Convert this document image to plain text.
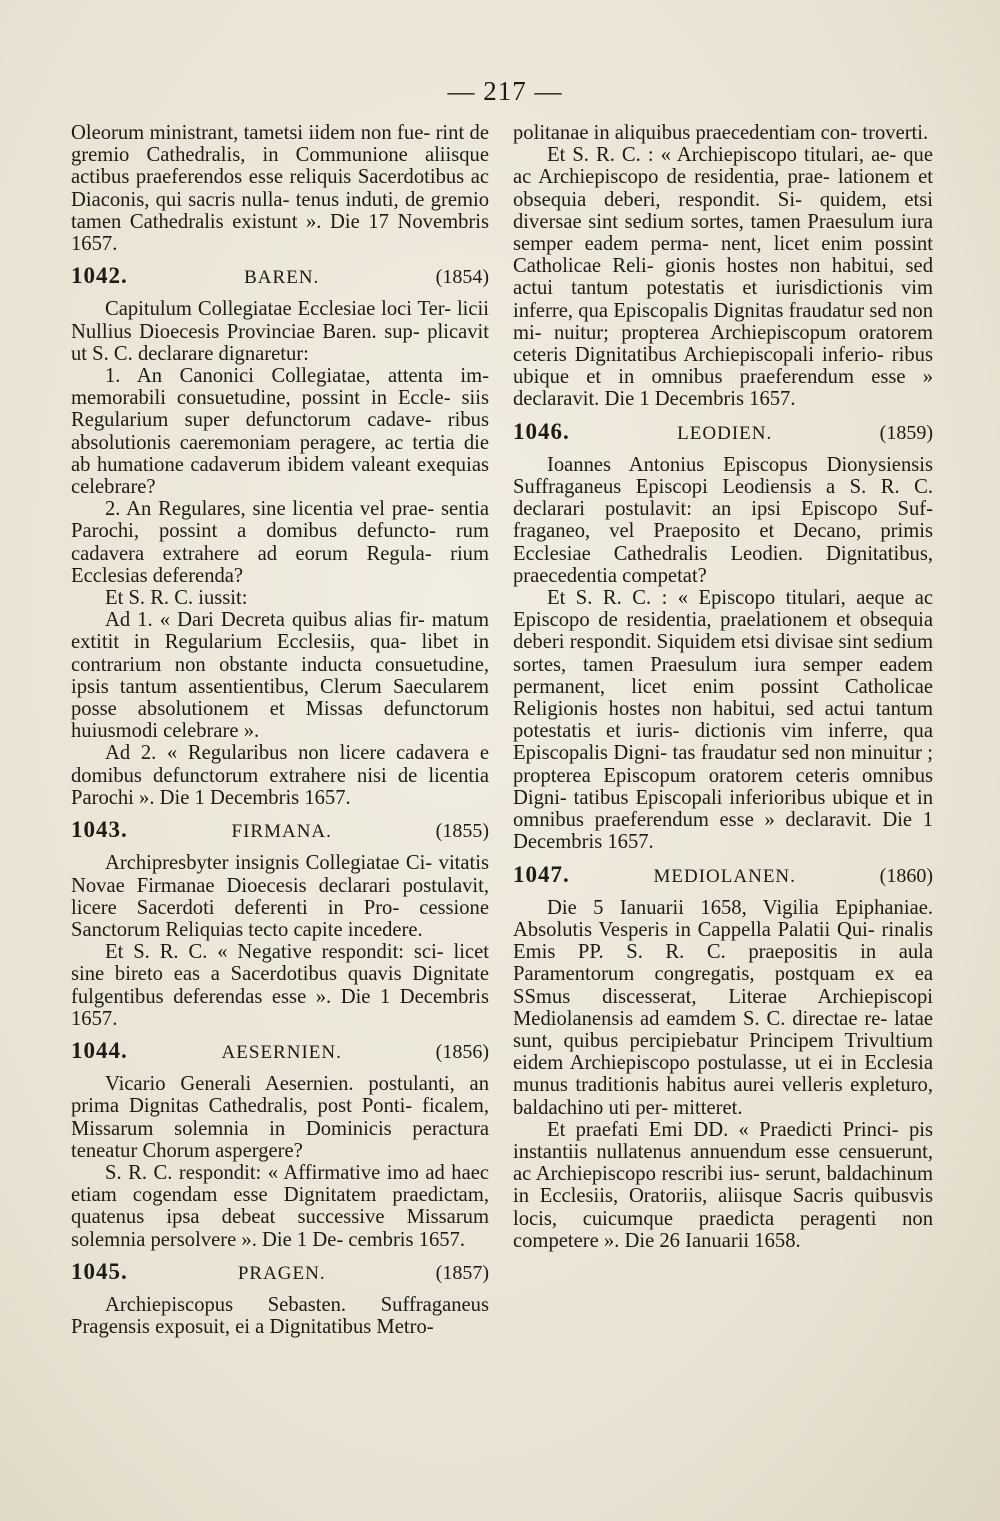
— 217 —

Oleorum ministrant, tametsi iidem non fue- rint de gremio Cathedralis, in Communione aliisque actibus praeferendos esse reliquis Sacerdotibus ac Diaconis, qui sacris nulla- tenus induti, de gremio tamen Cathedralis existunt ». Die 17 Novembris 1657.

1042.	BAREN.	(1854)

Capitulum Collegiatae Ecclesiae loci Ter- licii Nullius Dioecesis Provinciae Baren. sup- plicavit ut S. C. declarare dignaretur:

1. An Canonici Collegiatae, attenta im- memorabili consuetudine, possint in Eccle- siis Regularium super defunctorum cadave- ribus absolutionis caeremoniam peragere, ac tertia die ab humatione cadaverum ibidem valeant exequias celebrare?

2. An Regulares, sine licentia vel prae- sentia Parochi, possint a domibus defuncto- rum cadavera extrahere ad eorum Regula- rium Ecclesias deferenda?

Et S. R. C. iussit:

Ad 1. « Dari Decreta quibus alias fir- matum extitit in Regularium Ecclesiis, qua- libet in contrarium non obstante inducta consuetudine, ipsis tantum assentientibus, Clerum Saecularem posse absolutionem et Missas defunctorum huiusmodi celebrare ».

Ad 2. « Regularibus non licere cadavera e domibus defunctorum extrahere nisi de licentia Parochi ». Die 1 Decembris 1657.

1043.	FIRMANA.	(1855)

Archipresbyter insignis Collegiatae Ci- vitatis Novae Firmanae Dioecesis declarari postulavit, licere Sacerdoti deferenti in Pro- cessione Sanctorum Reliquias tecto capite incedere.

Et S. R. C. « Negative respondit: sci- licet sine bireto eas a Sacerdotibus quavis Dignitate fulgentibus deferendas esse ». Die 1 Decembris 1657.

1044.	AESERNIEN.	(1856)

Vicario Generali Aesernien. postulanti, an prima Dignitas Cathedralis, post Ponti- ficalem, Missarum solemnia in Dominicis peractura teneatur Chorum aspergere?

S. R. C. respondit: « Affirmative imo ad haec etiam cogendam esse Dignitatem praedictam, quatenus ipsa debeat successive Missarum solemnia persolvere ». Die 1 De- cembris 1657.

1045.	PRAGEN.	(1857)

Archiepiscopus Sebasten. Suffraganeus Pragensis exposuit, ei a Dignitatibus Metro-

politanae in aliquibus praecedentiam con- troverti.

Et S. R. C. : « Archiepiscopo titulari, ae- que ac Archiepiscopo de residentia, prae- lationem et obsequia deberi, respondit. Si- quidem, etsi diversae sint sedium sortes, tamen Praesulum iura semper eadem perma- nent, licet enim possint Catholicae Reli- gionis hostes non habitui, sed actui tantum potestatis et iurisdictionis vim inferre, qua Episcopalis Dignitas fraudatur sed non mi- nuitur; propterea Archiepiscopum oratorem ceteris Dignitatibus Archiepiscopali inferio- ribus ubique et in omnibus praeferendum esse » declaravit. Die 1 Decembris 1657.

1046.	LEODIEN.	(1859)

Ioannes Antonius Episcopus Dionysiensis Suffraganeus Episcopi Leodiensis a S. R. C. declarari postulavit: an ipsi Episcopo Suf- fraganeo, vel Praeposito et Decano, primis Ecclesiae Cathedralis Leodien. Dignitatibus, praecedentia competat?

Et S. R. C. : « Episcopo titulari, aeque ac Episcopo de residentia, praelationem et obsequia deberi respondit. Siquidem etsi divisae sint sedium sortes, tamen Praesulum iura semper eadem permanent, licet enim possint Catholicae Religionis hostes non habitui, sed actui tantum potestatis et iuris- dictionis vim inferre, qua Episcopalis Digni- tas fraudatur sed non minuitur ; propterea Episcopum oratorem ceteris omnibus Digni- tatibus Episcopali inferioribus ubique et in omnibus praeferendum esse » declaravit. Die 1 Decembris 1657.

1047.	MEDIOLANEN.	(1860)

Die 5 Ianuarii 1658, Vigilia Epiphaniae. Absolutis Vesperis in Cappella Palatii Qui- rinalis Emis PP. S. R. C. praepositis in aula Paramentorum congregatis, postquam ex ea SSmus discesserat, Literae Archiepiscopi Mediolanensis ad eamdem S. C. directae re- latae sunt, quibus percipiebatur Principem Trivultium eidem Archiepiscopo postulasse, ut ei in Ecclesia munus traditionis habitus aurei velleris expleturo, baldachino uti per- mitteret.

Et praefati Emi DD. « Praedicti Princi- pis instantiis nullatenus annuendum esse censuerunt, ac Archiepiscopo rescribi ius- serunt, baldachinum in Ecclesiis, Oratoriis, aliisque Sacris quibusvis locis, cuicumque praedicta peragenti non competere ». Die 26 Ianuarii 1658.
